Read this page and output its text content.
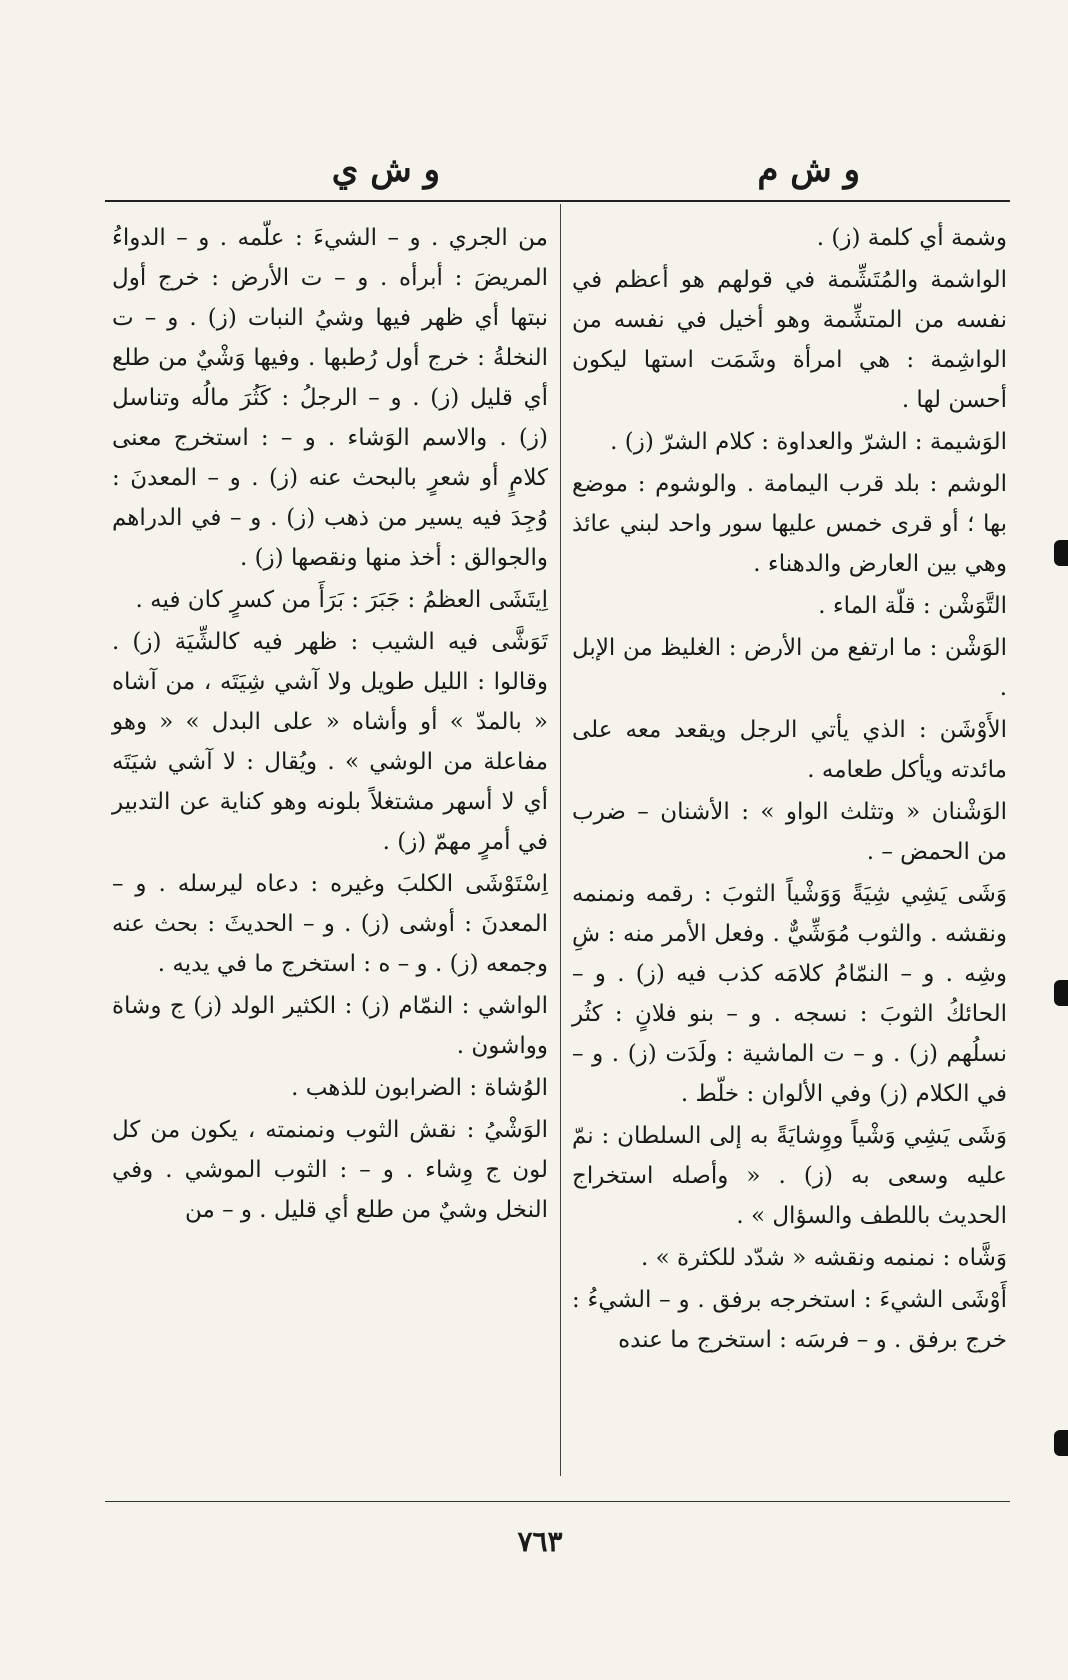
و ش م
و ش ي

وشمة أي كلمة (ز) .

الواشمة والمُتَشِّمة في قولهم هو أعظم في نفسه من المتشِّمة وهو أخيل في نفسه من الواشِمة : هي امرأة وشَمَت استها ليكون أحسن لها .

الوَشيمة : الشرّ والعداوة : كلام الشرّ (ز) .

الوشم : بلد قرب اليمامة . والوشوم : موضع بها ؛ أو قرى خمس عليها سور واحد لبني عائذ وهي بين العارض والدهناء .

التَّوَشْن : قلّة الماء .

الوَشْن : ما ارتفع من الأرض : الغليظ من الإبل .

الأَوْشَن : الذي يأتي الرجل ويقعد معه على مائدته ويأكل طعامه .

الوَشْنان « وتثلث الواو » : الأشنان – ضرب من الحمض – .

وَشَى يَشِي شِيَةً وَوَشْياً الثوبَ : رقمه ونمنمه ونقشه . والثوب مُوَشِّيٌّ . وفعل الأمر منه : شِ وشِه . و – النمّامُ كلامَه كذب فيه (ز) . و – الحائكُ الثوبَ : نسجه . و – بنو فلانٍ : كثُر نسلُهم (ز) . و – ت الماشية : ولَدَت (ز) . و – في الكلام (ز) وفي الألوان : خلّط .

وَشَى يَشِي وَشْياً ووِشايَةً به إلى السلطان : نمّ عليه وسعى به (ز) . « وأصله استخراج الحديث باللطف والسؤال » .

وَشَّاه : نمنمه ونقشه « شدّد للكثرة » .

أَوْشَى الشيءَ : استخرجه برفق . و – الشيءُ : خرج برفق . و – فرسَه : استخرج ما عنده

من الجري . و – الشيءَ : علّمه . و – الدواءُ المريضَ : أبرأه . و – ت الأرض : خرج أول نبتها أي ظهر فيها وشيُ النبات (ز) . و – ت النخلةُ : خرج أول رُطبها . وفيها وَشْيٌ من طلع أي قليل (ز) . و – الرجلُ : كَثُرَ مالُه وتناسل (ز) . والاسم الوَشاء . و – : استخرج معنى كلامٍ أو شعرٍ بالبحث عنه (ز) . و – المعدنَ : وُجِدَ فيه يسير من ذهب (ز) . و – في الدراهم والجوالق : أخذ منها ونقصها (ز) .

اِيتَشَى العظمُ : جَبَرَ : بَرَأَ من كسرٍ كان فيه .

تَوَشَّى فيه الشيب : ظهر فيه كالشِّيَة (ز) . وقالوا : الليل طويل ولا آشي شِيَتَه ، من آشاه « بالمدّ » أو وأشاه « على البدل » « وهو مفاعلة من الوشي » . ويُقال : لا آشي شيَتَه أي لا أسهر مشتغلاً بلونه وهو كناية عن التدبير في أمرٍ مهمّ (ز) .

اِسْتَوْشَى الكلبَ وغيره : دعاه ليرسله . و – المعدنَ : أوشى (ز) . و – الحديثَ : بحث عنه وجمعه (ز) . و – ه : استخرج ما في يديه .

الواشي : النمّام (ز) : الكثير الولد (ز) ج وشاة وواشون .

الوُشاة : الضرابون للذهب .

الوَشْيُ : نقش الثوب ونمنمته ، يكون من كل لون ج وِشاء . و – : الثوب الموشي . وفي النخل وشيٌ من طلع أي قليل . و – من

٧٦٣
